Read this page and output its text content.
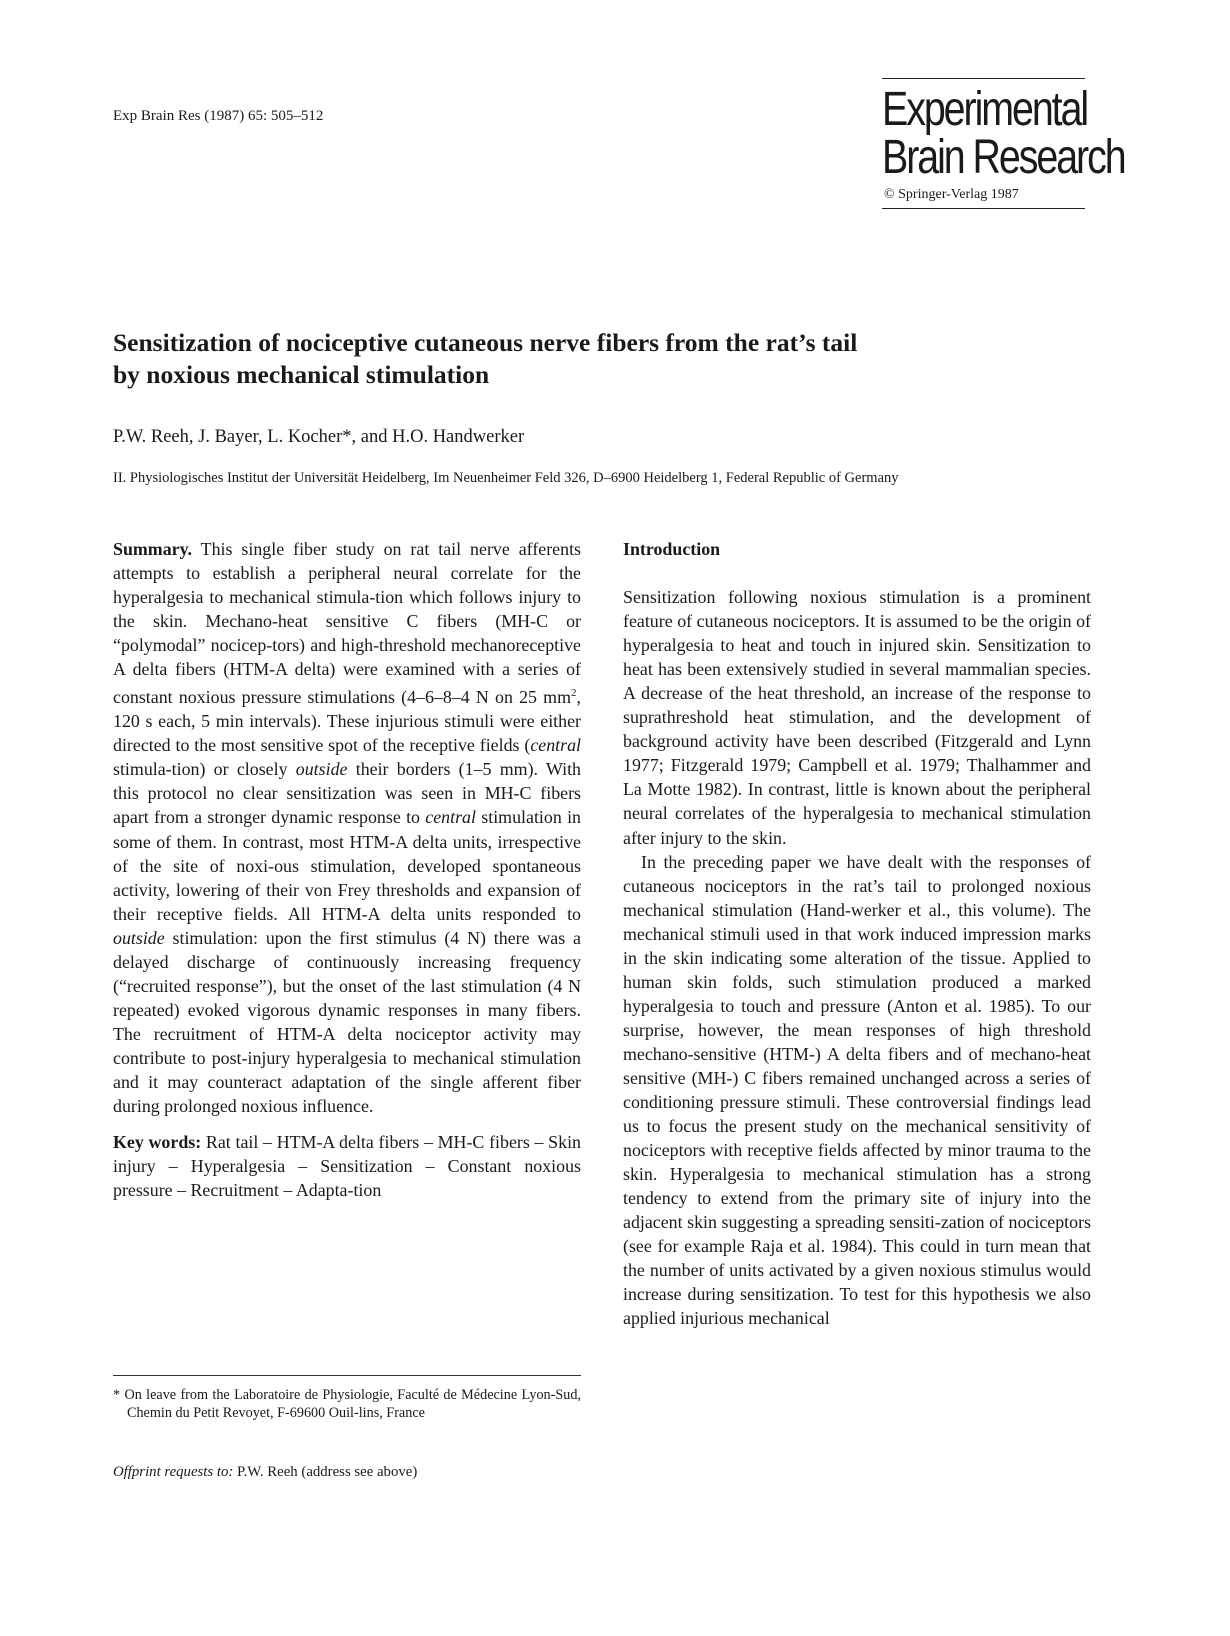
Exp Brain Res (1987) 65: 505–512	Experimental
Brain Research
© Springer-Verlag 1987
Sensitization of nociceptive cutaneous nerve fibers from the rat’s tail
by noxious mechanical stimulation
P.W. Reeh, J. Bayer, L. Kocher*, and H.O. Handwerker
II. Physiologisches Institut der Universität Heidelberg, Im Neuenheimer Feld 326, D–6900 Heidelberg 1, Federal Republic of Germany

Summary. This single fiber study on rat tail nerve afferents attempts to establish a peripheral neural correlate for the hyperalgesia to mechanical stimula-tion which follows injury to the skin. Mechano-heat sensitive C fibers (MH-C or “polymodal” nocicep-tors) and high-threshold mechanoreceptive A delta fibers (HTM-A delta) were examined with a series of constant noxious pressure stimulations (4–6–8–4 N on 25 $mm^2$, 120 s each, 5 min intervals). These injurious stimuli were either directed to the most sensitive spot of the receptive fields (central stimula-tion) or closely outside their borders (1–5 mm). With this protocol no clear sensitization was seen in MH-C fibers apart from a stronger dynamic response to central stimulation in some of them. In contrast, most HTM-A delta units, irrespective of the site of noxi-ous stimulation, developed spontaneous activity, lowering of their von Frey thresholds and expansion of their receptive fields. All HTM-A delta units responded to outside stimulation: upon the first stimulus (4 N) there was a delayed discharge of continuously increasing frequency (“recruited response”), but the onset of the last stimulation (4 N repeated) evoked vigorous dynamic responses in many fibers. The recruitment of HTM-A delta nociceptor activity may contribute to post-injury hyperalgesia to mechanical stimulation and it may counteract adaptation of the single afferent fiber during prolonged noxious influence.

Key words: Rat tail – HTM-A delta fibers – MH-C fibers – Skin injury – Hyperalgesia – Sensitization – Constant noxious pressure – Recruitment – Adapta-tion

* On leave from the Laboratoire de Physiologie, Faculté de Médecine Lyon-Sud, Chemin du Petit Revoyet, F-69600 Ouil-lins, France

Offprint requests to: P.W. Reeh (address see above)
Introduction

Sensitization following noxious stimulation is a prominent feature of cutaneous nociceptors. It is assumed to be the origin of hyperalgesia to heat and touch in injured skin. Sensitization to heat has been extensively studied in several mammalian species. A decrease of the heat threshold, an increase of the response to suprathreshold heat stimulation, and the development of background activity have been described (Fitzgerald and Lynn 1977; Fitzgerald 1979; Campbell et al. 1979; Thalhammer and La Motte 1982). In contrast, little is known about the peripheral neural correlates of the hyperalgesia to mechanical stimulation after injury to the skin.

In the preceding paper we have dealt with the responses of cutaneous nociceptors in the rat’s tail to prolonged noxious mechanical stimulation (Hand-werker et al., this volume). The mechanical stimuli used in that work induced impression marks in the skin indicating some alteration of the tissue. Applied to human skin folds, such stimulation produced a marked hyperalgesia to touch and pressure (Anton et al. 1985). To our surprise, however, the mean responses of high threshold mechano-sensitive (HTM-) A delta fibers and of mechano-heat sensitive (MH-) C fibers remained unchanged across a series of conditioning pressure stimuli. These controversial findings lead us to focus the present study on the mechanical sensitivity of nociceptors with receptive fields affected by minor trauma to the skin. Hyperalgesia to mechanical stimulation has a strong tendency to extend from the primary site of injury into the adjacent skin suggesting a spreading sensiti-zation of nociceptors (see for example Raja et al. 1984). This could in turn mean that the number of units activated by a given noxious stimulus would increase during sensitization. To test for this hypothesis we also applied injurious mechanical
